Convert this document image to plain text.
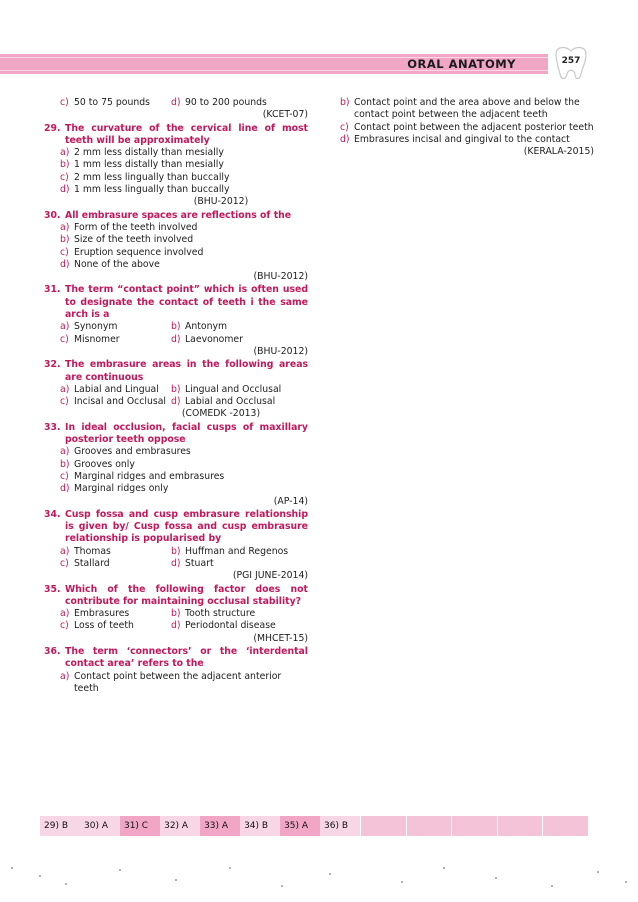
ORAL ANATOMY	257
c) 50 to 75 pounds d) 90 to 200 pounds
(KCET-07)
29. The curvature of the cervical line of most teeth will be approximately
a) 2 mm less distally than mesially
b) 1 mm less distally than mesially
c) 2 mm less lingually than buccally
d) 1 mm less lingually than buccally
(BHU-2012)
30. All embrasure spaces are reflections of the
a) Form of the teeth involved
b) Size of the teeth involved
c) Eruption sequence involved
d) None of the above
(BHU-2012)
31. The term “contact point” which is often used to designate the contact of teeth i the same arch is a
a) Synonym	b) Antonym
c) Misnomer	d) Laevonomer
(BHU-2012)
32. The embrasure areas in the following areas are continuous
a) Labial and Lingual b) Lingual and Occlusal
c) Incisal and Occlusal d) Labial and Occlusal
(COMEDK -2013)
33. In ideal occlusion, facial cusps of maxillary posterior teeth oppose
a) Grooves and embrasures
b) Grooves only
c) Marginal ridges and embrasures
d) Marginal ridges only
(AP-14)
34. Cusp fossa and cusp embrasure relationship is given by/ Cusp fossa and cusp embrasure relationship is popularised by
a) Thomas	b) Huffman and Regenos
c) Stallard	d) Stuart
(PGI JUNE-2014)
35. Which of the following factor does not contribute for maintaining occlusal stability?
a) Embrasures	b) Tooth structure
c) Loss of teeth	d) Periodontal disease
(MHCET-15)
36. The term ‘connectors’ or the ‘interdental contact area’ refers to the
a) Contact point between the adjacent anterior teeth
b) Contact point and the area above and below the contact point between the adjacent teeth
c) Contact point between the adjacent posterior teeth
d) Embrasures incisal and gingival to the contact
(KERALA-2015)
29) B 30) A 31) C 32) A 33) A 34) B 35) A 36) B
